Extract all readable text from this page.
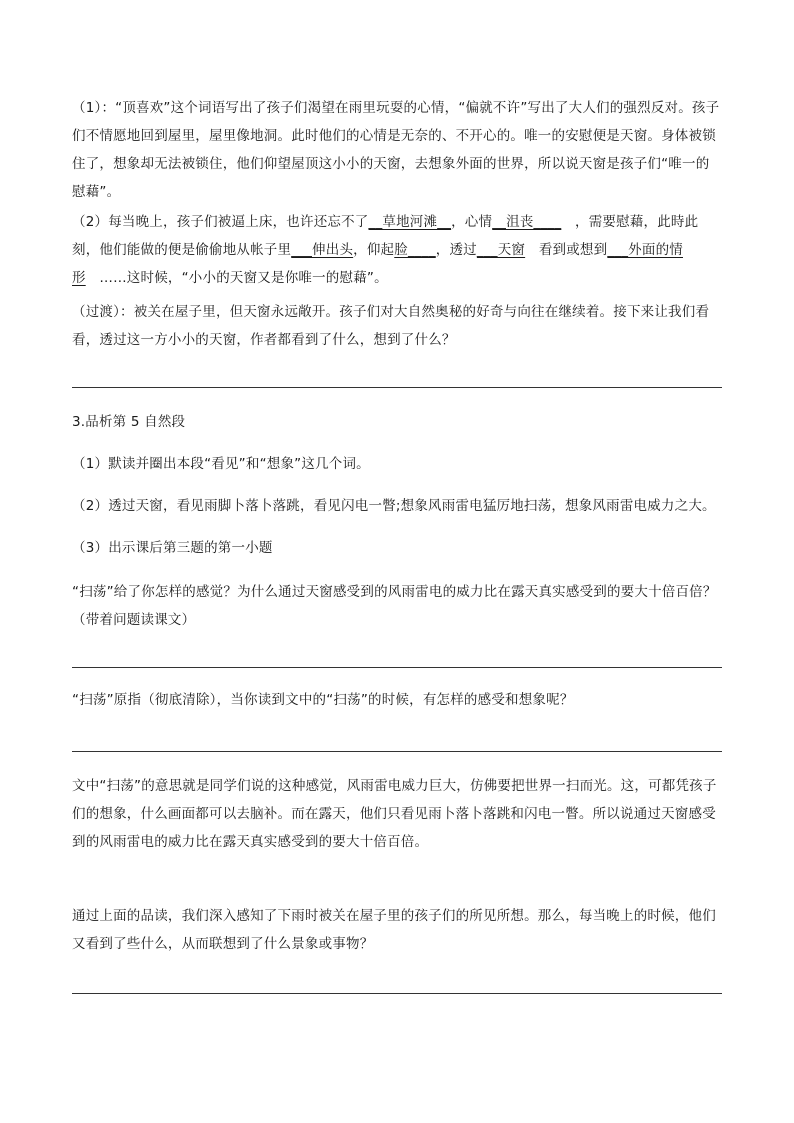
（1）：“顶喜欢”这个词语写出了孩子们渴望在雨里玩耍的心情，“偏就不许”写出了大人们的强烈反对。孩子们不情愿地回到屋里，屋里像地洞。此时他们的心情是无奈的、不开心的。唯一的安慰便是天窗。身体被锁住了，想象却无法被锁住，他们仰望屋顶这小小的天窗，去想象外面的世界，所以说天窗是孩子们“唯一的慰藉”。
（2）每当晚上，孩子们被逼上床，也许还忘不了__草地河滩__，心情__沮丧____　，需要慰藉，此時此刻，他们能做的便是偷偷地从帐子里___伸出头，仰起脸____，透过___天窗　看到或想到___外面的情形　……这时候，“小小的天窗又是你唯一的慰藉”。
（过渡）：被关在屋子里，但天窗永远敞开。孩子们对大自然奥秘的好奇与向往在继续着。接下来让我们看看，透过这一方小小的天窗，作者都看到了什么，想到了什么？
3.品析第 5 自然段
（1）默读并圈出本段“看见”和“想象”这几个词。
（2）透过天窗，看见雨脚卜落卜落跳，看见闪电一瞥;想象风雨雷电猛厉地扫荡，想象风雨雷电威力之大。
（3）出示课后第三题的第一小题
“扫荡”给了你怎样的感觉？为什么通过天窗感受到的风雨雷电的威力比在露天真实感受到的要大十倍百倍？（带着问题读课文）
“扫荡”原指（彻底清除），当你读到文中的“扫荡”的时候，有怎样的感受和想象呢？
文中“扫荡”的意思就是同学们说的这种感觉，风雨雷电威力巨大，仿佛要把世界一扫而光。这，可都凭孩子们的想象，什么画面都可以去脑补。而在露天，他们只看见雨卜落卜落跳和闪电一瞥。所以说通过天窗感受到的风雨雷电的威力比在露天真实感受到的要大十倍百倍。
通过上面的品读，我们深入感知了下雨时被关在屋子里的孩子们的所见所想。那么，每当晚上的时候，他们又看到了些什么，从而联想到了什么景象或事物？
